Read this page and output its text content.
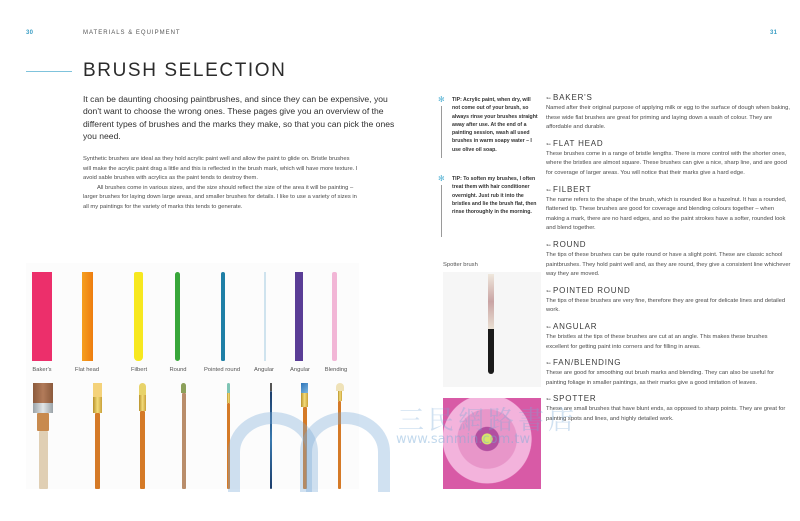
30	MATERIALS & EQUIPMENT	31
BRUSH SELECTION
It can be daunting choosing paintbrushes, and since they can be expensive, you don't want to choose the wrong ones. These pages give you an overview of the different types of brushes and the marks they make, so that you can pick the ones you need.

Synthetic brushes are ideal as they hold acrylic paint well and allow the paint to glide on. Bristle brushes will make the acrylic paint drag a little and this is reflected in the brush mark, which will have more texture. I avoid sable brushes with acrylics as the paint tends to destroy them.

All brushes come in various sizes, and the size should reflect the size of the area it will be painting – larger brushes for laying down large areas, and smaller brushes for details. I like to use a variety of sizes in all my paintings for the variety of marks this tends to generate.

✻ TIP: Acrylic paint, when dry, will not come out of your brush, so always rinse your brushes straight away after use. At the end of a painting session, wash all used brushes in warm soapy water – I use olive oil soap.
✻ TIP: To soften my brushes, I often treat them with hair conditioner overnight. Just rub it into the bristles and lie the brush flat, then rinse thoroughly in the morning.
Baker's	Flat head	Filbert	Round	Pointed round Angular	Angular	Blending
Spotter brush
➳ BAKER'S
Named after their original purpose of applying milk or egg to the surface of dough when baking, these wide flat brushes are great for priming and laying down a wash of colour. They are affordable and durable.
➳ FLAT HEAD
These brushes come in a range of bristle lengths. There is more control with the shorter ones, where the bristles are almost square. These brushes can give a nice, sharp line, and are good for coverage of larger areas. You will notice that their marks give a hard edge.
➳ FILBERT
The name refers to the shape of the brush, which is rounded like a hazelnut. It has a rounded, flattened tip. These brushes are good for coverage and blending colours together – when making a mark, there are no hard edges, and so the paint strokes have a softer, rounded look and blend together.
➳ ROUND
The tips of these brushes can be quite round or have a slight point. These are classic school paintbrushes. They hold paint well and, as they are round, they give a consistent line whichever way they are moved.
➳ POINTED ROUND
The tips of these brushes are very fine, therefore they are great for delicate lines and detailed work.
➳ ANGULAR
The bristles at the tips of these brushes are cut at an angle. This makes these brushes excellent for getting paint into corners and for filling in areas.
➳ FAN/BLENDING
These are good for smoothing out brush marks and blending. They can also be useful for painting foliage in smaller paintings, as their marks give a good imitation of leaves.
➳ SPOTTER
These are small brushes that have blunt ends, as opposed to sharp points. They are great for painting spots and lines, and highly detailed work.
三民網路書店
www.sanmin.com.tw
